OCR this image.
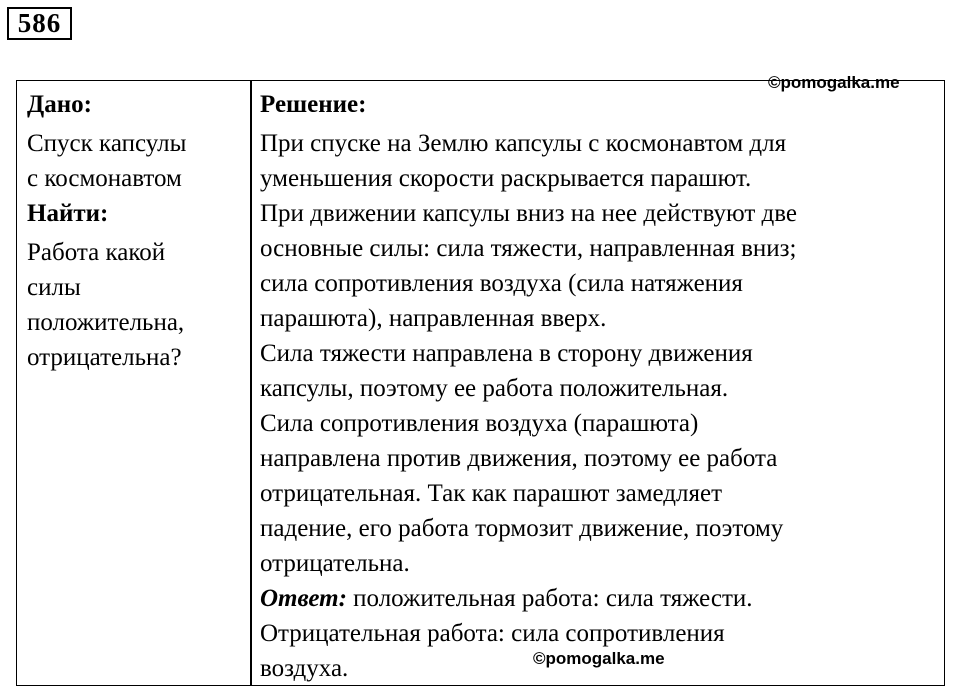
586
©pomogalka.me
Дано:
Спуск капсулы
с космонавтом
Найти:
Работа какой
силы
положительна,
отрицательна?
Решение:
При спуске на Землю капсулы с космонавтом для
уменьшения скорости раскрывается парашют.
При движении капсулы вниз на нее действуют две
основные силы: сила тяжести, направленная вниз;
сила сопротивления воздуха (сила натяжения
парашюта), направленная вверх.
Сила тяжести направлена в сторону движения
капсулы, поэтому ее работа положительная.
Сила сопротивления воздуха (парашюта)
направлена против движения, поэтому ее работа
отрицательная. Так как парашют замедляет
падение, его работа тормозит движение, поэтому
отрицательна.
Ответ: положительная работа: сила тяжести.
Отрицательная работа: сила сопротивления
воздуха.	©pomogalka.me
